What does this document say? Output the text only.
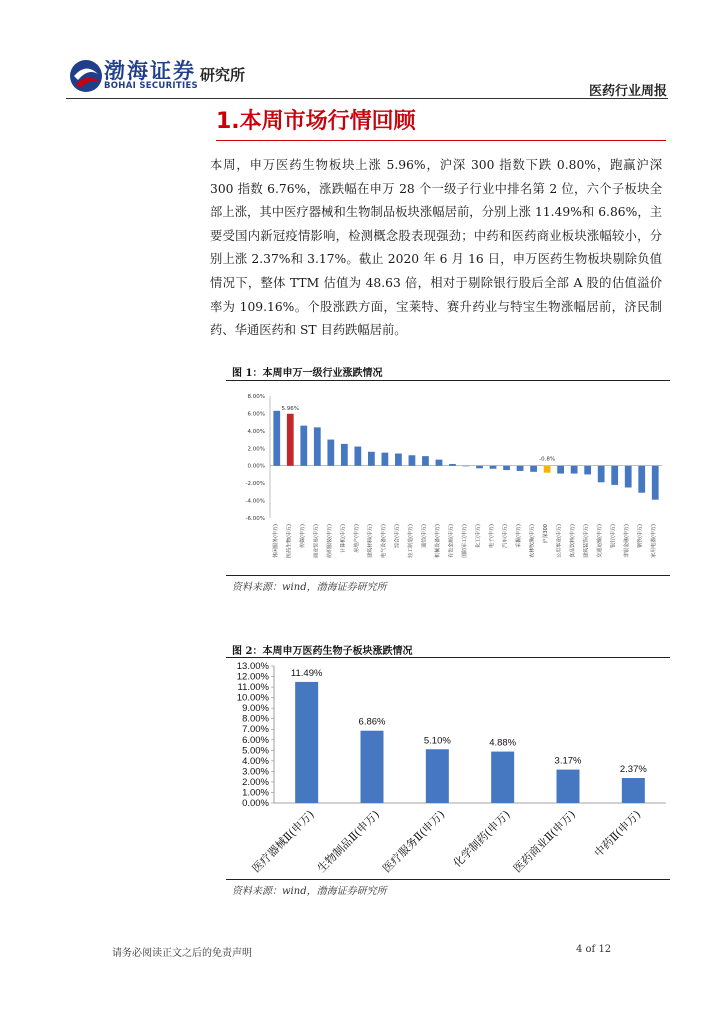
渤海证券
BOHAI SECURITIES
研究所
医药行业周报
1.本周市场行情回顾
本周，申万医药生物板块上涨 5.96%，沪深 300 指数下跌 0.80%，跑赢沪深 300 指数 6.76%，涨跌幅在申万 28 个一级子行业中排名第 2 位，六个子板块全部上涨，其中医疗器械和生物制品板块涨幅居前，分别上涨 11.49%和 6.86%，主要受国内新冠疫情影响，检测概念股表现强劲；中药和医药商业板块涨幅较小，分别上涨 2.37%和 3.17%。截止 2020 年 6 月 16 日，申万医药生物板块剔除负值情况下，整体 TTM 估值为 48.63 倍，相对于剔除银行股后全部 A 股的估值溢价率为 109.16%。个股涨跌方面，宝莱特、赛升药业与特宝生物涨幅居前，济民制药、华通医药和 ST 目药跌幅居前。
图 1：本周申万一级行业涨跌情况
8.00%
6.00%
4.00%
2.00%
0.00%
-2.00%
-4.00%
-6.00%
休闲服务(申万) 医药生物(申万) 传媒(申万) 商业贸易(申万) 纺织服装(申万) 计算机(申万) 房地产(申万) 建筑材料(申万) 电气设备(申万) 综合(申万) 轻工制造(申万) 通信(申万) 机械设备(申万) 有色金属(申万) 国防军工(申万) 化工(申万) 电子(申万) 汽车(申万) 采掘(申万) 农林牧渔(申万) 沪深300 公用事业(申万) 食品饮料(申万) 建筑装饰(申万) 交通运输(申万) 银行(申万) 非银金融(申万) 钢铁(申万) 家用电器(申万)
5.96%
-0.8%
资料来源：wind，渤海证券研究所
图 2：本周申万医药生物子板块涨跌情况
13.00%
12.00%
11.00%
10.00%
9.00%
8.00%
7.00%
6.00%
5.00%
4.00%
3.00%
2.00%
1.00%
0.00%
11.49%
医疗器械Ⅱ(申万)
6.86%
生物制品Ⅱ(申万)
5.10%
医疗服务Ⅱ(申万)
4.88%
化学制药(申万)
3.17%
医药商业Ⅱ(申万)
2.37%
中药Ⅱ(申万)
资料来源：wind，渤海证券研究所
请务必阅读正文之后的免责声明	4 of 12
